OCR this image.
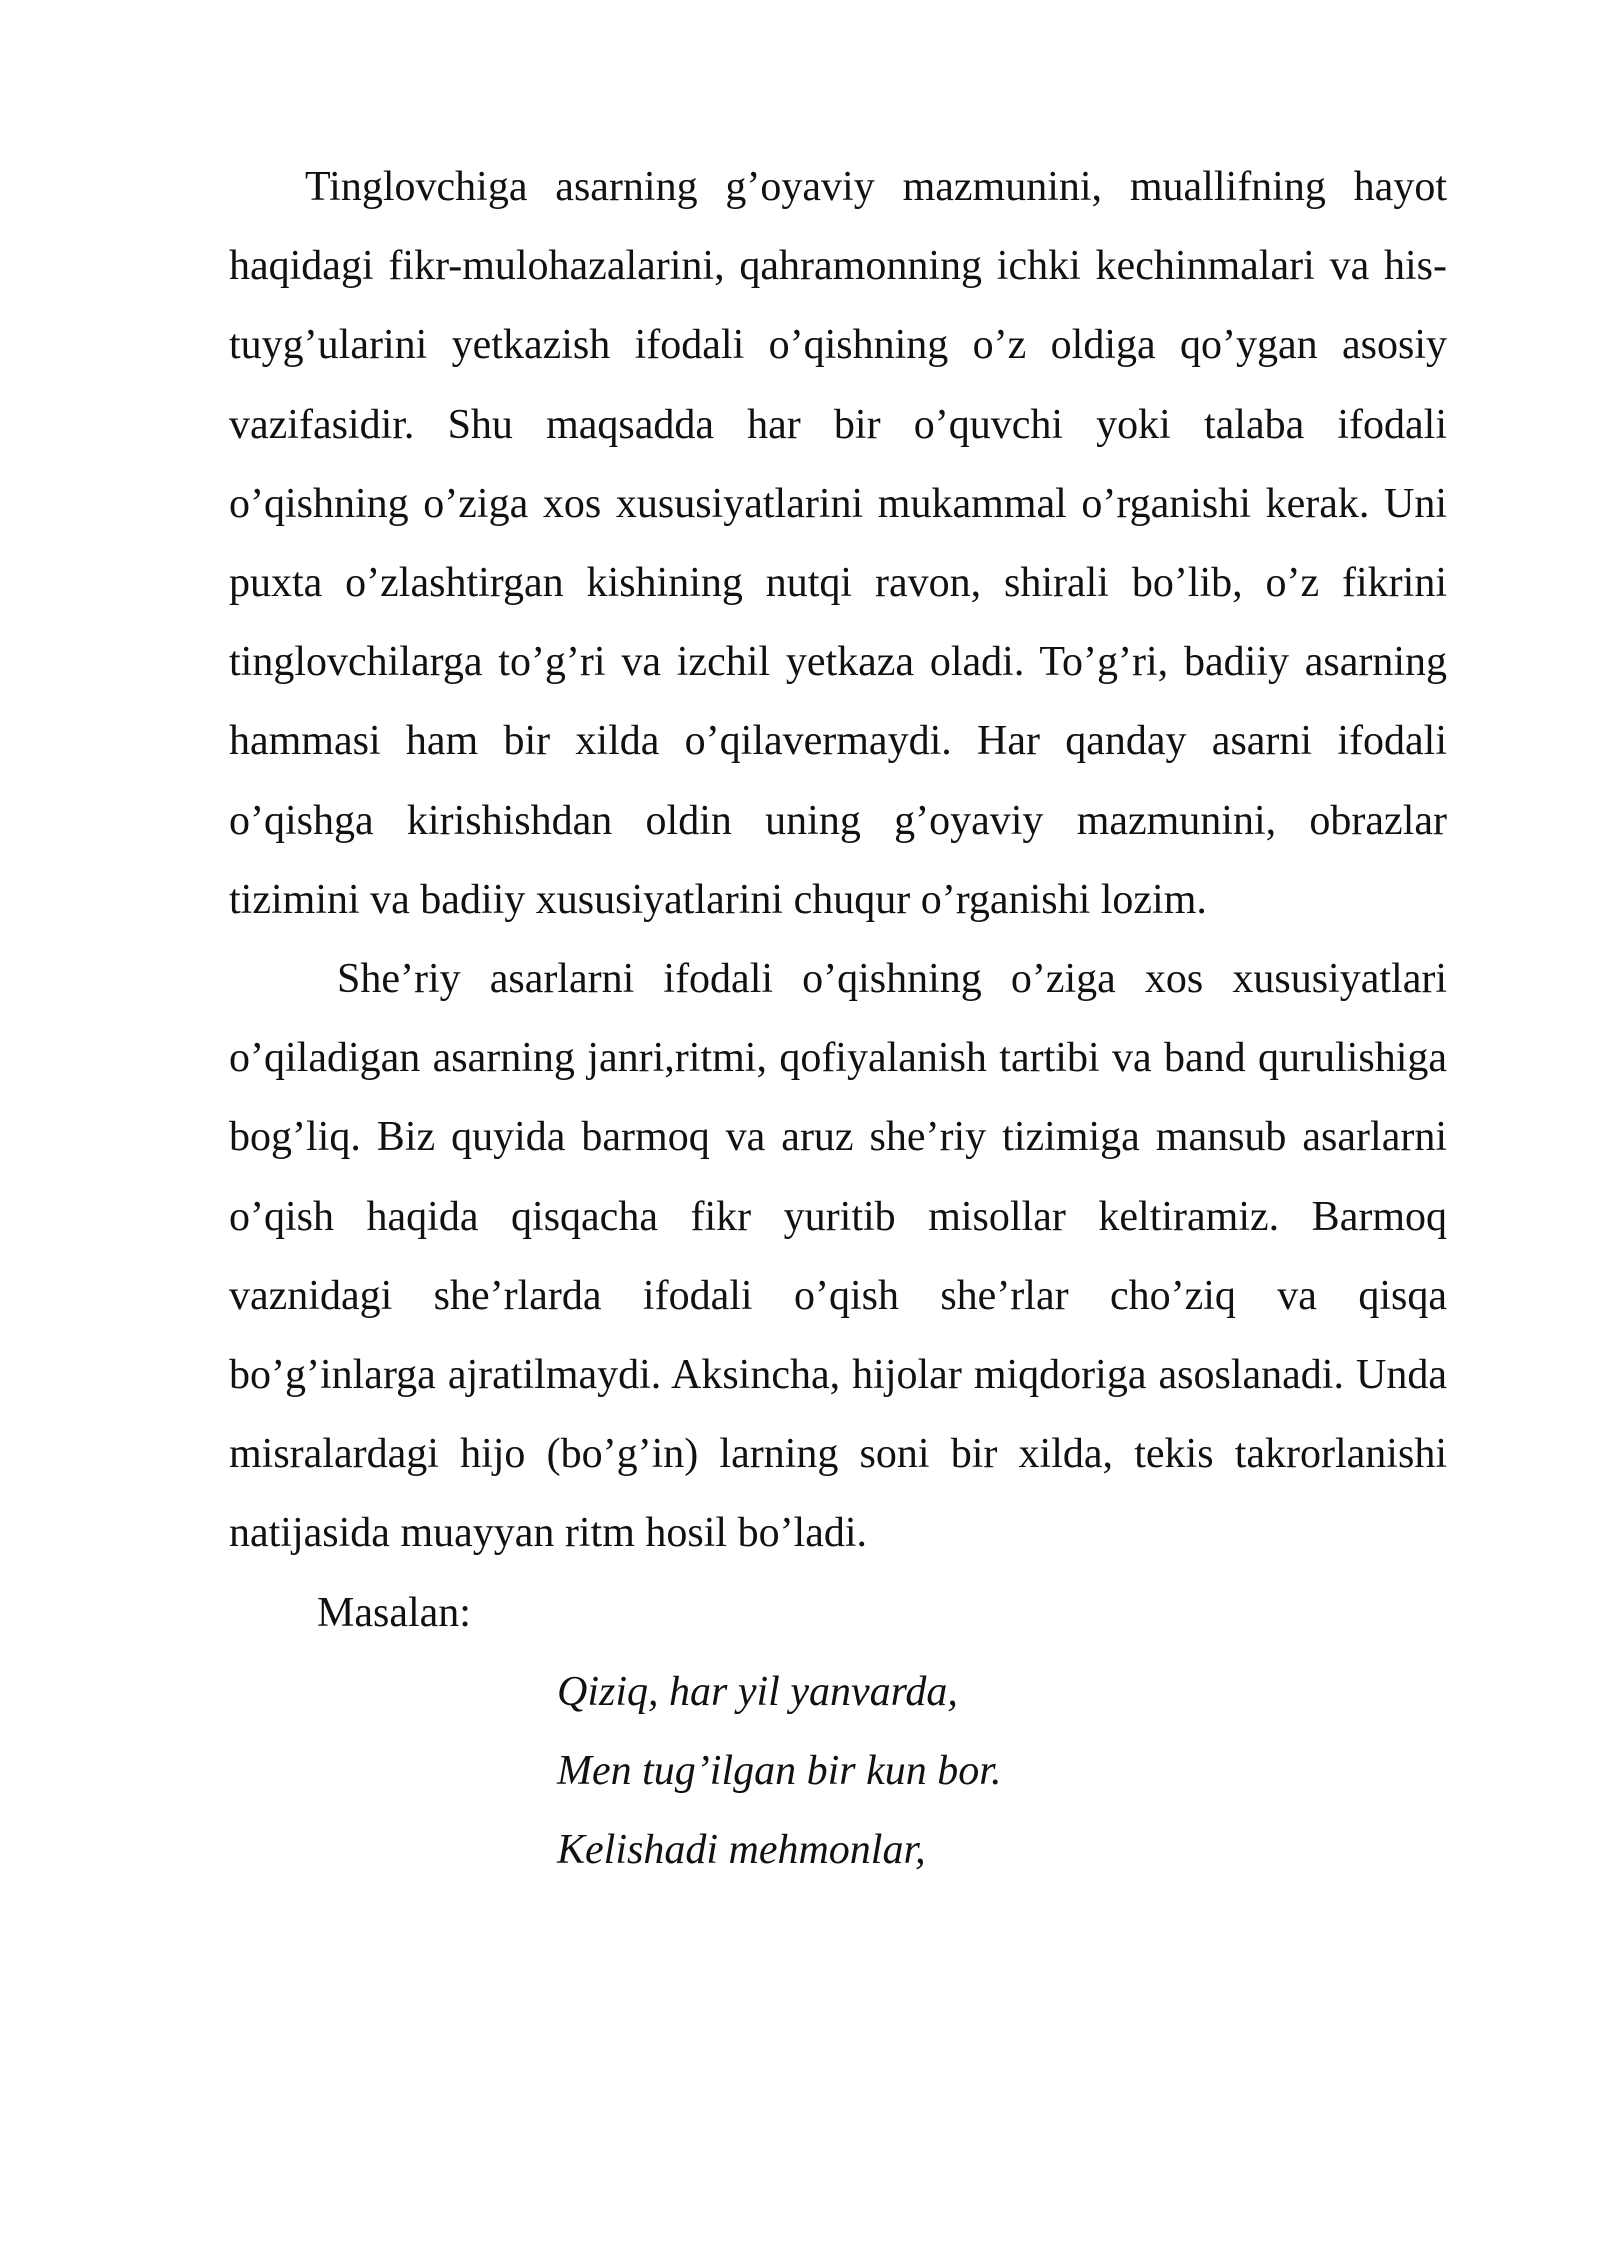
Tinglovchiga asarning g’oyaviy mazmunini, muallifning hayot haqidagi fikr-mulohazalarini, qahramonning ichki kechinmalari va his-tuyg’ularini yetkazish ifodali o’qishning o’z oldiga qo’ygan asosiy vazifasidir. Shu maqsadda har bir o’quvchi yoki talaba ifodali o’qishning o’ziga xos xususiyatlarini mukammal o’rganishi kerak. Uni puxta o’zlashtirgan kishining nutqi ravon, shirali bo’lib, o’z fikrini tinglovchilarga to’g’ri va izchil yetkaza oladi. To’g’ri, badiiy asarning hammasi ham bir xilda o’qilavermaydi. Har qanday asarni ifodali o’qishga kirishishdan oldin uning g’oyaviy mazmunini, obrazlar tizimini va badiiy xususiyatlarini chuqur o’rganishi lozim.

She’riy asarlarni ifodali o’qishning o’ziga xos xususiyatlari o’qiladigan asarning janri,ritmi, qofiyalanish tartibi va band qurulishiga bog’liq. Biz quyida barmoq va aruz she’riy tizimiga mansub asarlarni o’qish haqida qisqacha fikr yuritib misollar keltiramiz. Barmoq vaznidagi she’rlarda ifodali o’qish she’rlar cho’ziq va qisqa bo’g’inlarga ajratilmaydi. Aksincha, hijolar miqdoriga asoslanadi. Unda misralardagi hijo (bo’g’in) larning soni bir xilda, tekis takrorlanishi natijasida muayyan ritm hosil bo’ladi.

Masalan:

Qiziq, har yil yanvarda,
Men tug’ilgan bir kun bor.
Kelishadi mehmonlar,
